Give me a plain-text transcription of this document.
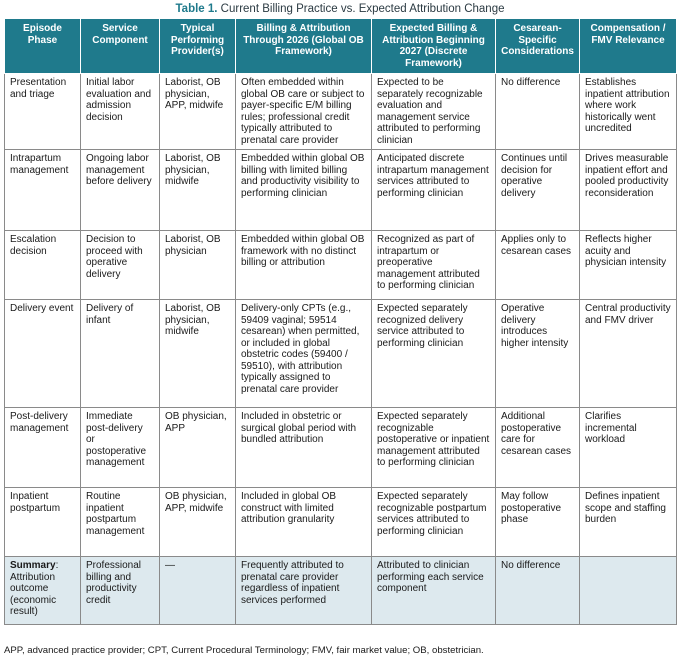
Table 1. Current Billing Practice vs. Expected Attribution Change
Episode Phase	Service Component	Typical Performing Provider(s)	Billing & Attribution Through 2026 (Global OB Framework)	Expected Billing & Attribution Beginning 2027 (Discrete Framework)	Cesarean-Specific Considerations	Compensation / FMV Relevance
Presentation and triage	Initial labor evaluation and admission decision	Laborist, OB physician, APP, midwife	Often embedded within global OB care or subject to payer-specific E/M billing rules; professional credit typically attributed to prenatal care provider	Expected to be separately recognizable evaluation and management service attributed to performing clinician	No difference	Establishes inpatient attribution where work historically went uncredited
Intrapartum management	Ongoing labor management before delivery	Laborist, OB physician, midwife	Embedded within global OB billing with limited billing and productivity visibility to performing clinician	Anticipated discrete intrapartum management services attributed to performing clinician	Continues until decision for operative delivery	Drives measurable inpatient effort and pooled productivity reconsideration
Escalation decision	Decision to proceed with operative delivery	Laborist, OB physician	Embedded within global OB framework with no distinct billing or attribution	Recognized as part of intrapartum or preoperative management attributed to performing clinician	Applies only to cesarean cases	Reflects higher acuity and physician intensity
Delivery event	Delivery of infant	Laborist, OB physician, midwife	Delivery-only CPTs (e.g., 59409 vaginal; 59514 cesarean) when permitted, or included in global obstetric codes (59400 / 59510), with attribution typically assigned to prenatal care provider	Expected separately recognized delivery service attributed to performing clinician	Operative delivery introduces higher intensity	Central productivity and FMV driver
Post-delivery management	Immediate post-delivery or postoperative management	OB physician, APP	Included in obstetric or surgical global period with bundled attribution	Expected separately recognizable postoperative or inpatient management attributed to performing clinician	Additional postoperative care for cesarean cases	Clarifies incremental workload
Inpatient postpartum	Routine inpatient postpartum management	OB physician, APP, midwife	Included in global OB construct with limited attribution granularity	Expected separately recognizable postpartum services attributed to performing clinician	May follow postoperative phase	Defines inpatient scope and staffing burden
Summary: Attribution outcome (economic result)	Professional billing and productivity credit	—	Frequently attributed to prenatal care provider regardless of inpatient services performed	Attributed to clinician performing each service component	No difference	
APP, advanced practice provider; CPT, Current Procedural Terminology; FMV, fair market value; OB, obstetrician.
